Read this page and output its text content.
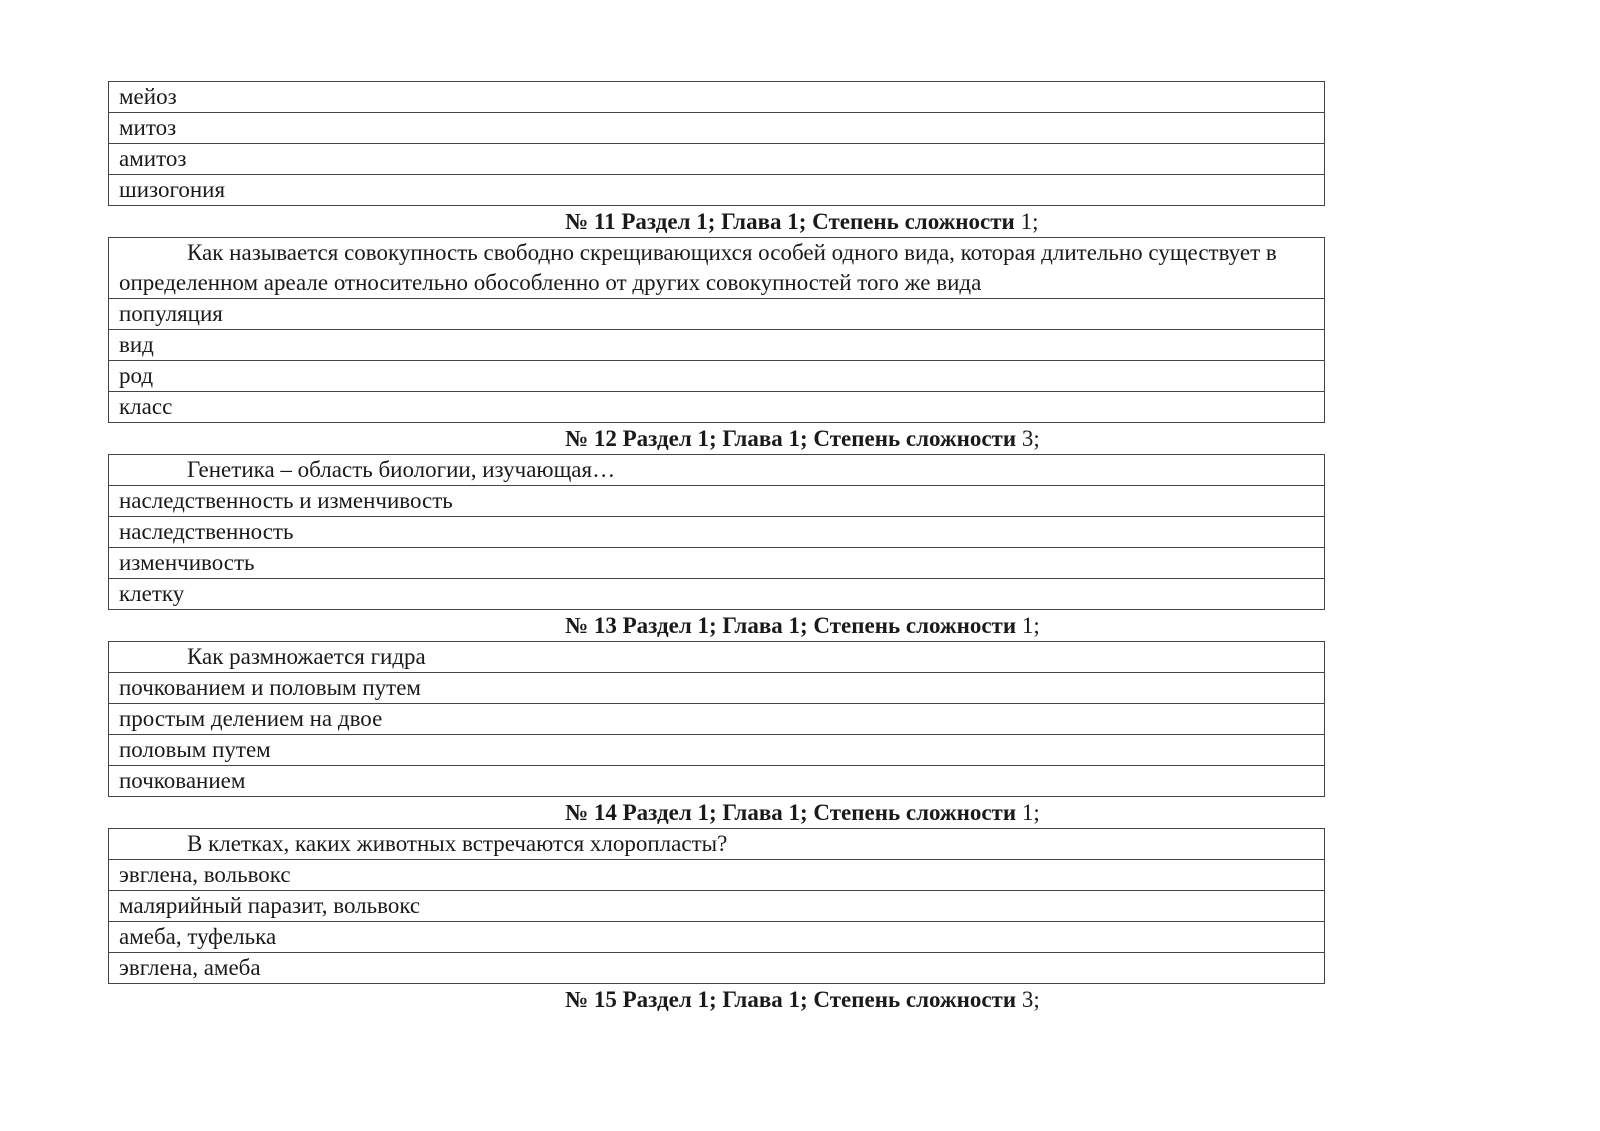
мейоз
митоз
амитоз
шизогония
№ 11 Раздел 1; Глава 1; Степень сложности 1;
Как называется совокупность свободно скрещивающихся особей одного вида, которая длительно существует в определенном ареале относительно обособленно от других совокупностей того же вида
популяция
вид
род
класс
№ 12 Раздел 1; Глава 1; Степень сложности 3;
Генетика – область биологии, изучающая…
наследственность и изменчивость
наследственность
изменчивость
клетку
№ 13 Раздел 1; Глава 1; Степень сложности 1;
Как размножается гидра
почкованием и половым путем
простым делением на двое
половым путем
почкованием
№ 14 Раздел 1; Глава 1; Степень сложности 1;
В клетках, каких животных встречаются хлоропласты?
эвглена, вольвокс
малярийный паразит, вольвокс
амеба, туфелька
эвглена, амеба
№ 15 Раздел 1; Глава 1; Степень сложности 3;
